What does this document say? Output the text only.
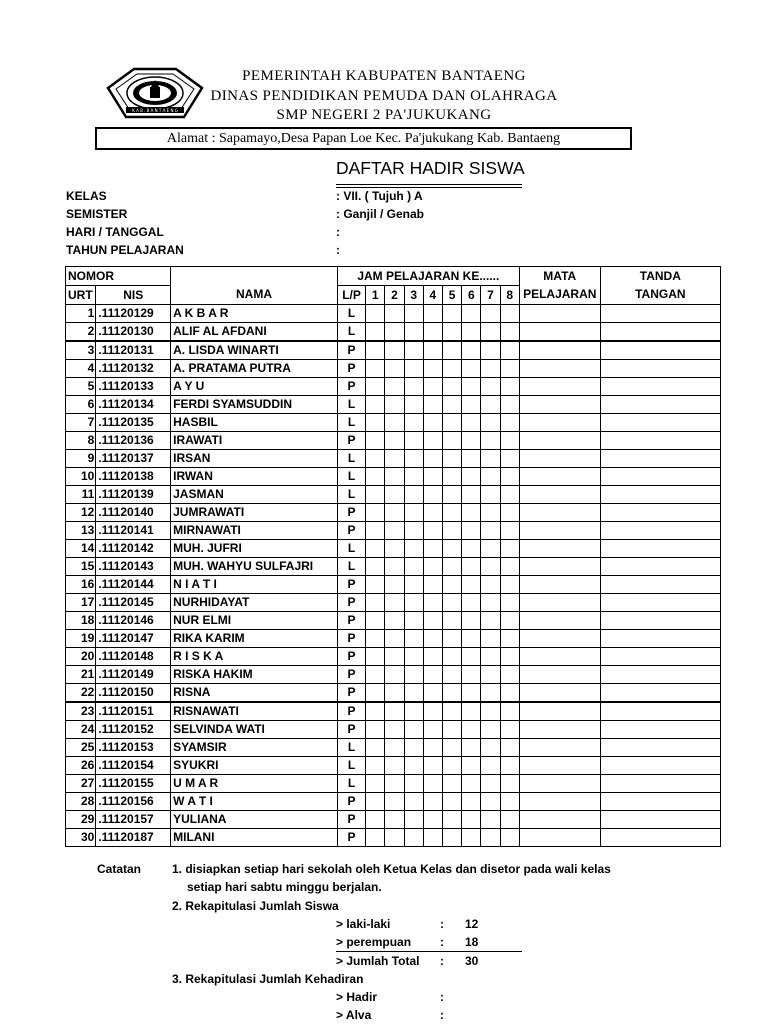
K A B . B A N T A E N G
PEMERINTAH KABUPATEN BANTAENG
DINAS PENDIDIKAN PEMUDA DAN OLAHRAGA
SMP NEGERI 2 PA'JUKUKANG
Alamat : Sapamayo,Desa Papan Loe Kec. Pa'jukukang Kab. Bantaeng
DAFTAR HADIR SISWA
KELAS	: VII. ( Tujuh ) A
SEMISTER	: Ganjil / Genab
HARI / TANGGAL	:
TAHUN PELAJARAN	:
NOMOR			JAM PELAJARAN KE......									MATA	TANDA
URT	NIS	NAMA	L/P	1	2	3	4	5	6	7	8	PELAJARAN	TANGAN
1	.11120129	A K B A R	L										
2	.11120130	ALIF AL AFDANI	L										
3	.11120131	A. LISDA WINARTI	P										
4	.11120132	A. PRATAMA PUTRA	P										
5	.11120133	A Y U	P										
6	.11120134	FERDI SYAMSUDDIN	L										
7	.11120135	HASBIL	L										
8	.11120136	IRAWATI	P										
9	.11120137	IRSAN	L										
10	.11120138	IRWAN	L										
11	.11120139	JASMAN	L										
12	.11120140	JUMRAWATI	P										
13	.11120141	MIRNAWATI	P										
14	.11120142	MUH. JUFRI	L										
15	.11120143	MUH. WAHYU SULFAJRI	L										
16	.11120144	N I A T I	P										
17	.11120145	NURHIDAYAT	P										
18	.11120146	NUR ELMI	P										
19	.11120147	RIKA KARIM	P										
20	.11120148	R I S K A	P										
21	.11120149	RISKA HAKIM	P										
22	.11120150	RISNA	P										
23	.11120151	RISNAWATI	P										
24	.11120152	SELVINDA WATI	P										
25	.11120153	SYAMSIR	L										
26	.11120154	SYUKRI	L										
27	.11120155	U M A R	L										
28	.11120156	W A T I	P										
29	.11120157	YULIANA	P										
30	.11120187	MILANI	P										
Catatan	1. disiapkan setiap hari sekolah oleh Ketua Kelas dan disetor pada wali kelas
setiap hari sabtu minggu berjalan.
2. Rekapitulasi Jumlah Siswa
> laki-laki	: 12
> perempuan : 18
> Jumlah Total : 30
3. Rekapitulasi Jumlah Kehadiran
> Hadir	:
> Alva	:
